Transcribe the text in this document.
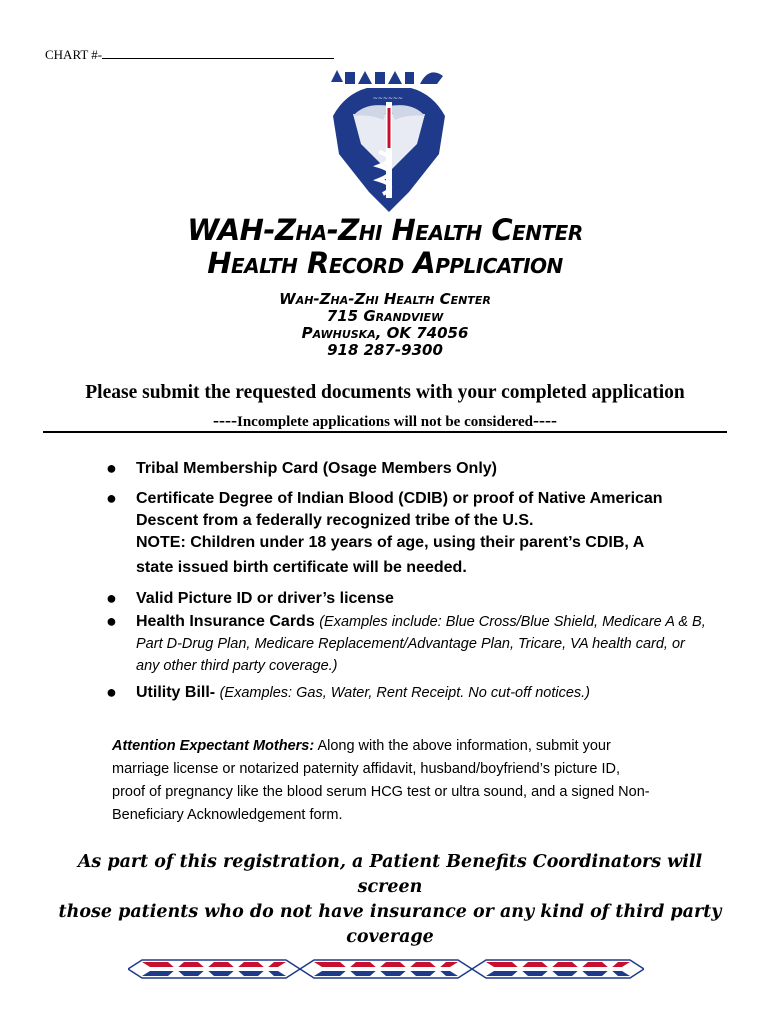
CHART #-
~~~~~~
WAH-Zha-Zhi Health Center
Health Record Application
Wah-Zha-Zhi Health Center
715 Grandview
Pawhuska, OK 74056
918 287-9300
Please submit the requested documents with your completed application
----Incomplete applications will not be considered----
● Tribal Membership Card (Osage Members Only)
● Certificate Degree of Indian Blood (CDIB) or proof of Native American
Descent from a federally recognized tribe of the U.S.
NOTE: Children under 18 years of age, using their parent’s CDIB, A
state issued birth certificate will be needed.
● Valid Picture ID or driver’s license
● Health Insurance Cards (Examples include: Blue Cross/Blue Shield, Medicare A & B,
Part D-Drug Plan, Medicare Replacement/Advantage Plan, Tricare, VA health card, or
any other third party coverage.)
● Utility Bill- (Examples: Gas, Water, Rent Receipt. No cut-off notices.)
Attention Expectant Mothers: Along with the above information, submit your
marriage license or notarized paternity affidavit, husband/boyfriend’s picture ID,
proof of pregnancy like the blood serum HCG test or ultra sound, and a signed Non-
Beneficiary Acknowledgement form.
As part of this registration, a Patient Benefits Coordinators will screen
those patients who do not have insurance or any kind of third party
coverage
